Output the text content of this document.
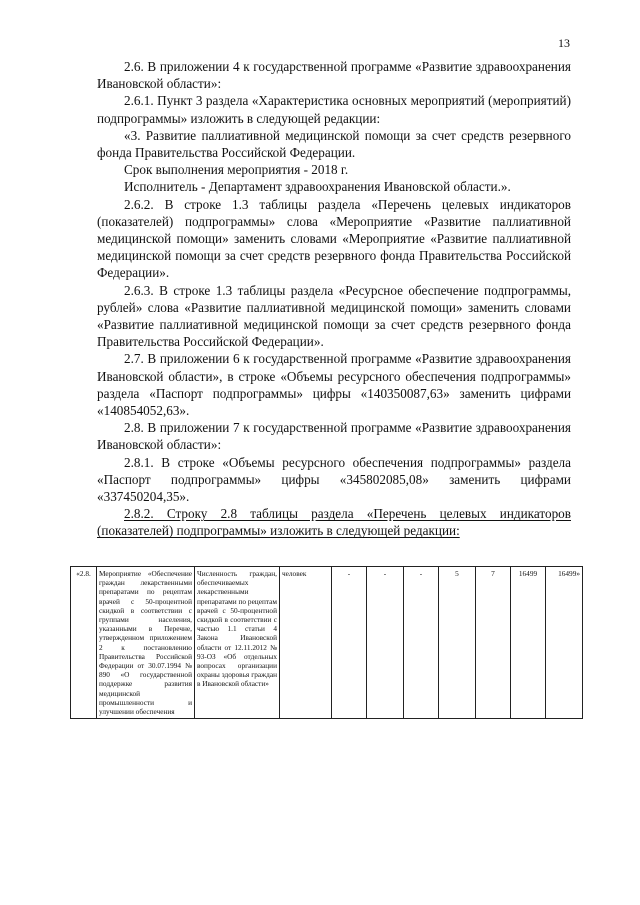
13

2.6. В приложении 4 к государственной программе «Развитие здравоохранения Ивановской области»:

2.6.1. Пункт 3 раздела «Характеристика основных мероприятий (мероприятий) подпрограммы» изложить в следующей редакции:

«3. Развитие паллиативной медицинской помощи за счет средств резервного фонда Правительства Российской Федерации.

Срок выполнения мероприятия - 2018 г.

Исполнитель - Департамент здравоохранения Ивановской области.».

2.6.2. В строке 1.3 таблицы раздела «Перечень целевых индикаторов (показателей) подпрограммы» слова «Мероприятие «Развитие паллиативной медицинской помощи» заменить словами «Мероприятие «Развитие паллиативной медицинской помощи за счет средств резервного фонда Правительства Российской Федерации».

2.6.3. В строке 1.3 таблицы раздела «Ресурсное обеспечение подпрограммы, рублей» слова «Развитие паллиативной медицинской помощи» заменить словами «Развитие паллиативной медицинской помощи за счет средств резервного фонда Правительства Российской Федерации».

2.7. В приложении 6 к государственной программе «Развитие здравоохранения Ивановской области», в строке «Объемы ресурсного обеспечения подпрограммы» раздела «Паспорт подпрограммы» цифры «140350087,63» заменить цифрами «140854052,63».

2.8. В приложении 7 к государственной программе «Развитие здравоохранения Ивановской области»:

2.8.1. В строке «Объемы ресурсного обеспечения подпрограммы» раздела «Паспорт подпрограммы» цифры «345802085,08» заменить цифрами «337450204,35».

2.8.2. Строку 2.8 таблицы раздела «Перечень целевых индикаторов (показателей) подпрограммы» изложить в следующей редакции:

«2.8.	Мероприятие «Обеспечение граждан лекарственными препаратами по рецептам врачей с 50-процентной скидкой в соответствии с группами населения, указанными в Перечне, утвержденном приложением 2 к постановлению Правительства Российской Федерации от 30.07.1994 № 890 «О государственной поддержке развития медицинской промышленности и улучшении обеспечения	Численность граждан, обеспечиваемых лекарственными препаратами по рецептам врачей с 50-процентной скидкой в соответствии с частью 1.1 статьи 4 Закона Ивановской области от 12.11.2012 № 93-ОЗ «Об отдельных вопросах организации охраны здоровья граждан в Ивановской области»	человек	-	-	-	5	7	16499	16499»
